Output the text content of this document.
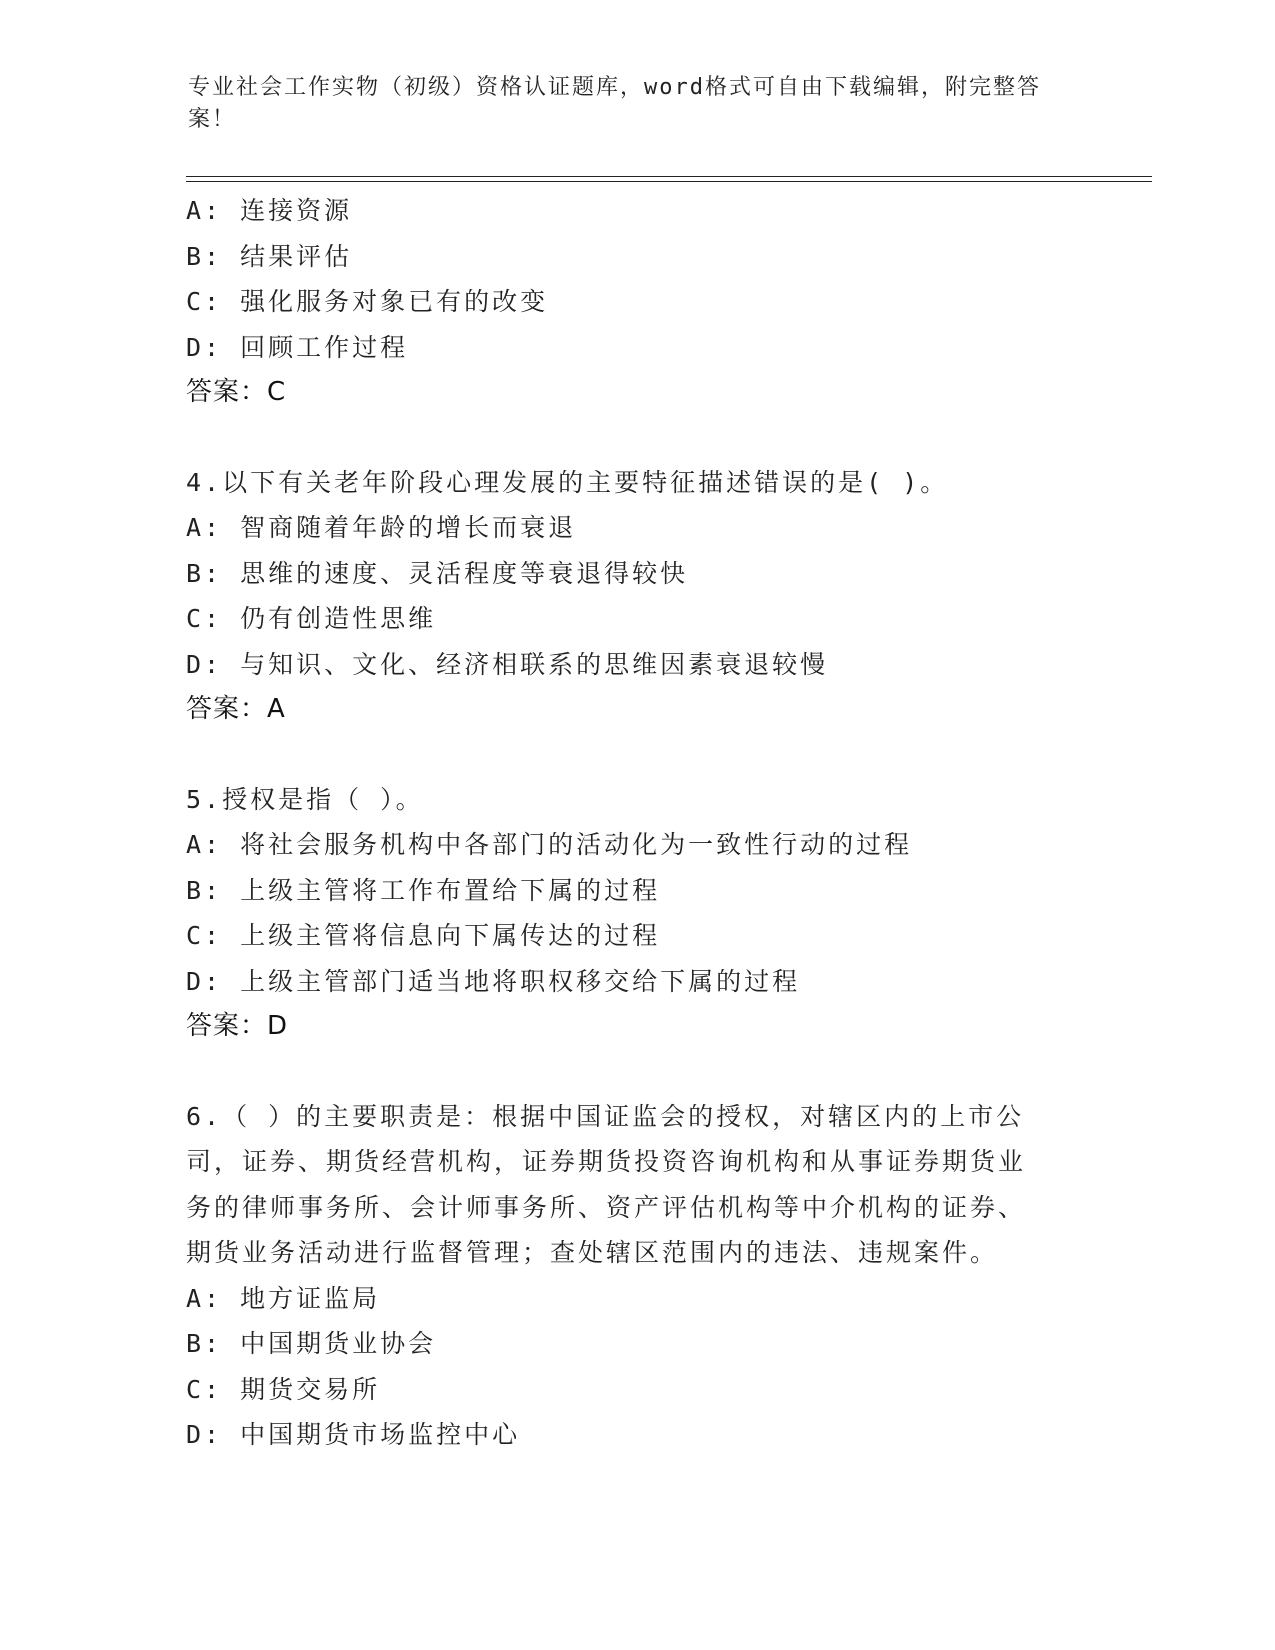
专业社会工作实物（初级）资格认证题库，word格式可自由下载编辑，附完整答案！
A: 连接资源
B: 结果评估
C: 强化服务对象已有的改变
D: 回顾工作过程
答案：C
4.以下有关老年阶段心理发展的主要特征描述错误的是( )。
A: 智商随着年龄的增长而衰退
B: 思维的速度、灵活程度等衰退得较快
C: 仍有创造性思维
D: 与知识、文化、经济相联系的思维因素衰退较慢
答案：A
5.授权是指（ ）。
A: 将社会服务机构中各部门的活动化为一致性行动的过程
B: 上级主管将工作布置给下属的过程
C: 上级主管将信息向下属传达的过程
D: 上级主管部门适当地将职权移交给下属的过程
答案：D
6.（ ）的主要职责是：根据中国证监会的授权，对辖区内的上市公
司，证券、期货经营机构，证券期货投资咨询机构和从事证券期货业
务的律师事务所、会计师事务所、资产评估机构等中介机构的证券、
期货业务活动进行监督管理；查处辖区范围内的违法、违规案件。
A: 地方证监局
B: 中国期货业协会
C: 期货交易所
D: 中国期货市场监控中心
